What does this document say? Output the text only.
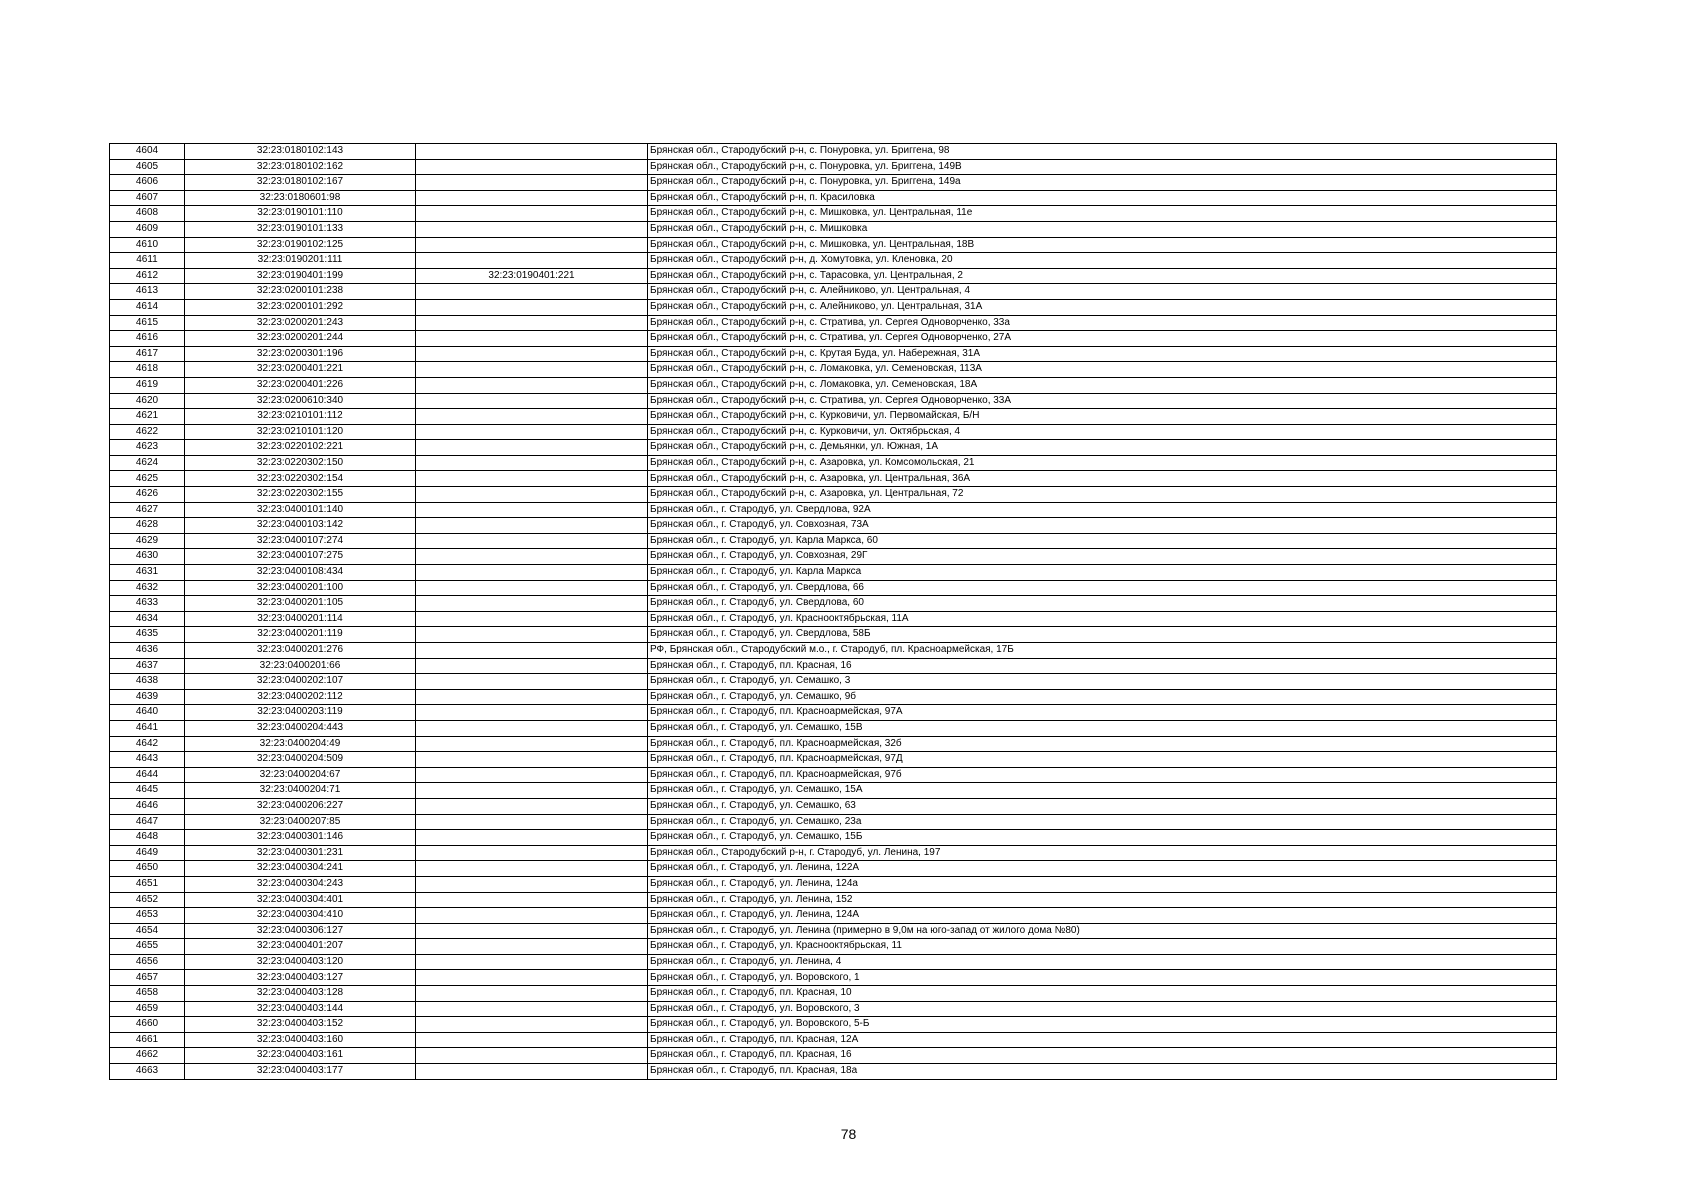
4604	32:23:0180102:143		Брянская обл., Стародубский р-н, с. Понуровка, ул. Бриггена, 98
4605	32:23:0180102:162		Брянская обл., Стародубский р-н, с. Понуровка, ул. Бриггена, 149В
4606	32:23:0180102:167		Брянская обл., Стародубский р-н, с. Понуровка, ул. Бриггена, 149а
4607	32:23:0180601:98		Брянская обл., Стародубский р-н, п. Красиловка
4608	32:23:0190101:110		Брянская обл., Стародубский р-н, с. Мишковка, ул. Центральная, 11е
4609	32:23:0190101:133		Брянская обл., Стародубский р-н, с. Мишковка
4610	32:23:0190102:125		Брянская обл., Стародубский р-н, с. Мишковка, ул. Центральная, 18В
4611	32:23:0190201:111		Брянская обл., Стародубский р-н, д. Хомутовка, ул. Кленовка, 20
4612	32:23:0190401:199	32:23:0190401:221	Брянская обл., Стародубский р-н, с. Тарасовка, ул. Центральная, 2
4613	32:23:0200101:238		Брянская обл., Стародубский р-н, с. Алейниково, ул. Центральная, 4
4614	32:23:0200101:292		Брянская обл., Стародубский р-н, с. Алейниково, ул. Центральная, 31А
4615	32:23:0200201:243		Брянская обл., Стародубский р-н, с. Стратива, ул. Сергея Одноворченко, 33а
4616	32:23:0200201:244		Брянская обл., Стародубский р-н, с. Стратива, ул. Сергея Одноворченко, 27А
4617	32:23:0200301:196		Брянская обл., Стародубский р-н, с. Крутая Буда, ул. Набережная, 31А
4618	32:23:0200401:221		Брянская обл., Стародубский р-н, с. Ломаковка, ул. Семеновская, 113А
4619	32:23:0200401:226		Брянская обл., Стародубский р-н, с. Ломаковка, ул. Семеновская, 18А
4620	32:23:0200610:340		Брянская обл., Стародубский р-н, с. Стратива, ул. Сергея Одноворченко, 33А
4621	32:23:0210101:112		Брянская обл., Стародубский р-н, с. Курковичи, ул. Первомайская, Б/Н
4622	32:23:0210101:120		Брянская обл., Стародубский р-н, с. Курковичи, ул. Октябрьская, 4
4623	32:23:0220102:221		Брянская обл., Стародубский р-н, с. Демьянки, ул. Южная, 1А
4624	32:23:0220302:150		Брянская обл., Стародубский р-н, с. Азаровка, ул. Комсомольская, 21
4625	32:23:0220302:154		Брянская обл., Стародубский р-н, с. Азаровка, ул. Центральная, 36А
4626	32:23:0220302:155		Брянская обл., Стародубский р-н, с. Азаровка, ул. Центральная, 72
4627	32:23:0400101:140		Брянская обл., г. Стародуб, ул. Свердлова, 92А
4628	32:23:0400103:142		Брянская обл., г. Стародуб, ул. Совхозная, 73А
4629	32:23:0400107:274		Брянская обл., г. Стародуб, ул. Карла Маркса, 60
4630	32:23:0400107:275		Брянская обл., г. Стародуб, ул. Совхозная, 29Г
4631	32:23:0400108:434		Брянская обл., г. Стародуб, ул. Карла Маркса
4632	32:23:0400201:100		Брянская обл., г. Стародуб, ул. Свердлова, 66
4633	32:23:0400201:105		Брянская обл., г. Стародуб, ул. Свердлова, 60
4634	32:23:0400201:114		Брянская обл., г. Стародуб, ул. Краснооктябрьская, 11А
4635	32:23:0400201:119		Брянская обл., г. Стародуб, ул. Свердлова, 58Б
4636	32:23:0400201:276		РФ, Брянская обл., Стародубский м.о., г. Стародуб, пл. Красноармейская, 17Б
4637	32:23:0400201:66		Брянская обл., г. Стародуб, пл. Красная, 16
4638	32:23:0400202:107		Брянская обл., г. Стародуб, ул. Семашко, 3
4639	32:23:0400202:112		Брянская обл., г. Стародуб, ул. Семашко, 9б
4640	32:23:0400203:119		Брянская обл., г. Стародуб, пл. Красноармейская, 97А
4641	32:23:0400204:443		Брянская обл., г. Стародуб, ул. Семашко, 15В
4642	32:23:0400204:49		Брянская обл., г. Стародуб, пл. Красноармейская, 32б
4643	32:23:0400204:509		Брянская обл., г. Стародуб, пл. Красноармейская, 97Д
4644	32:23:0400204:67		Брянская обл., г. Стародуб, пл. Красноармейская, 97б
4645	32:23:0400204:71		Брянская обл., г. Стародуб, ул. Семашко, 15А
4646	32:23:0400206:227		Брянская обл., г. Стародуб, ул. Семашко, 63
4647	32:23:0400207:85		Брянская обл., г. Стародуб, ул. Семашко, 23а
4648	32:23:0400301:146		Брянская обл., г. Стародуб, ул. Семашко, 15Б
4649	32:23:0400301:231		Брянская обл., Стародубский р-н, г. Стародуб, ул. Ленина, 197
4650	32:23:0400304:241		Брянская обл., г. Стародуб, ул. Ленина, 122А
4651	32:23:0400304:243		Брянская обл., г. Стародуб, ул. Ленина, 124а
4652	32:23:0400304:401		Брянская обл., г. Стародуб, ул. Ленина, 152
4653	32:23:0400304:410		Брянская обл., г. Стародуб, ул. Ленина, 124А
4654	32:23:0400306:127		Брянская обл., г. Стародуб, ул. Ленина (примерно в 9,0м на юго-запад от жилого дома №80)
4655	32:23:0400401:207		Брянская обл., г. Стародуб, ул. Краснооктябрьская, 11
4656	32:23:0400403:120		Брянская обл., г. Стародуб, ул. Ленина, 4
4657	32:23:0400403:127		Брянская обл., г. Стародуб, ул. Воровского, 1
4658	32:23:0400403:128		Брянская обл., г. Стародуб, пл. Красная, 10
4659	32:23:0400403:144		Брянская обл., г. Стародуб, ул. Воровского, 3
4660	32:23:0400403:152		Брянская обл., г. Стародуб, ул. Воровского, 5-Б
4661	32:23:0400403:160		Брянская обл., г. Стародуб, пл. Красная, 12А
4662	32:23:0400403:161		Брянская обл., г. Стародуб, пл. Красная, 16
4663	32:23:0400403:177		Брянская обл., г. Стародуб, пл. Красная, 18а
78
